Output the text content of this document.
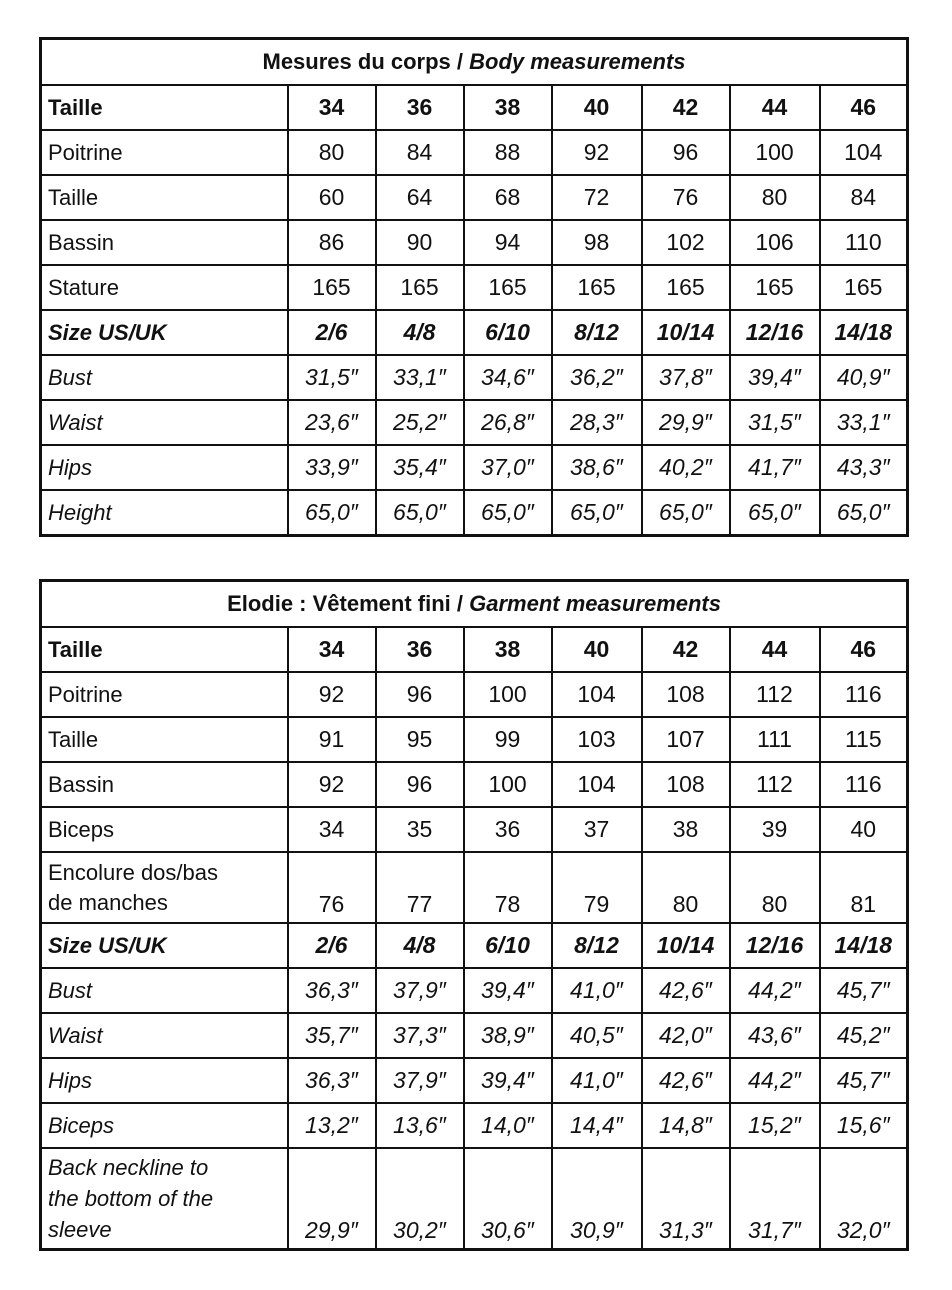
Mesures du corps / Body measurements							
Taille	34	36	38	40	42	44	46
Poitrine	80	84	88	92	96	100	104
Taille	60	64	68	72	76	80	84
Bassin	86	90	94	98	102	106	110
Stature	165	165	165	165	165	165	165
Size US/UK	2/6	4/8	6/10	8/12	10/14	12/16	14/18
Bust	31,5″	33,1″	34,6″	36,2″	37,8″	39,4″	40,9″
Waist	23,6″	25,2″	26,8″	28,3″	29,9″	31,5″	33,1″
Hips	33,9″	35,4″	37,0″	38,6″	40,2″	41,7″	43,3″
Height	65,0″	65,0″	65,0″	65,0″	65,0″	65,0″	65,0″
Elodie : Vêtement fini / Garment measurements							
Taille	34	36	38	40	42	44	46
Poitrine	92	96	100	104	108	112	116
Taille	91	95	99	103	107	111	115
Bassin	92	96	100	104	108	112	116
Biceps	34	35	36	37	38	39	40
Encolure dos/bas
de manches	76	77	78	79	80	80	81
Size US/UK	2/6	4/8	6/10	8/12	10/14	12/16	14/18
Bust	36,3″	37,9″	39,4″	41,0″	42,6″	44,2″	45,7″
Waist	35,7″	37,3″	38,9″	40,5″	42,0″	43,6″	45,2″
Hips	36,3″	37,9″	39,4″	41,0″	42,6″	44,2″	45,7″
Biceps	13,2″	13,6″	14,0″	14,4″	14,8″	15,2″	15,6″
Back neckline to
the bottom of the
sleeve	29,9″	30,2″	30,6″	30,9″	31,3″	31,7″	32,0″
